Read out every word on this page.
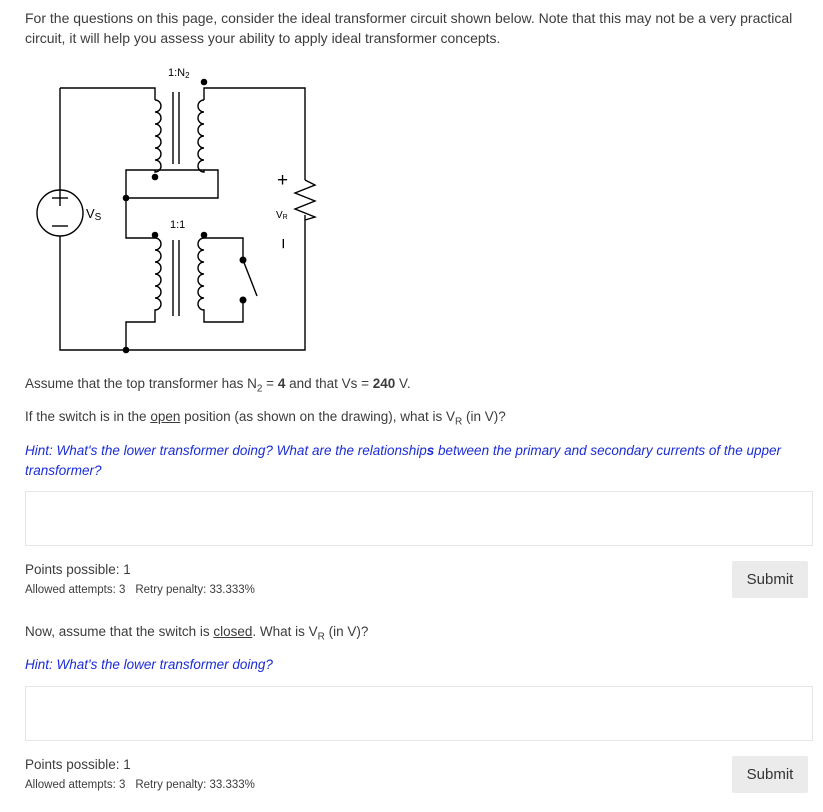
For the questions on this page, consider the ideal transformer circuit shown below. Note that this may not be a very practical circuit, it will help you assess your ability to apply ideal transformer concepts.

1:N2
1:1
VS	VR
+
−

Assume that the top transformer has $N_2 = 4$ and that Vs = 240 V.

If the switch is in the open position (as shown on the drawing), what is $V_R$ (in V)?

Hint: What's the lower transformer doing? What are the relationships between the primary and secondary currents of the upper transformer?

Points possible: 1

Allowed attempts: 3 Retry penalty: 33.333%

Submit

Now, assume that the switch is closed. What is $V_R$ (in V)?

Hint: What's the lower transformer doing?

Points possible: 1

Allowed attempts: 3 Retry penalty: 33.333%

Submit
